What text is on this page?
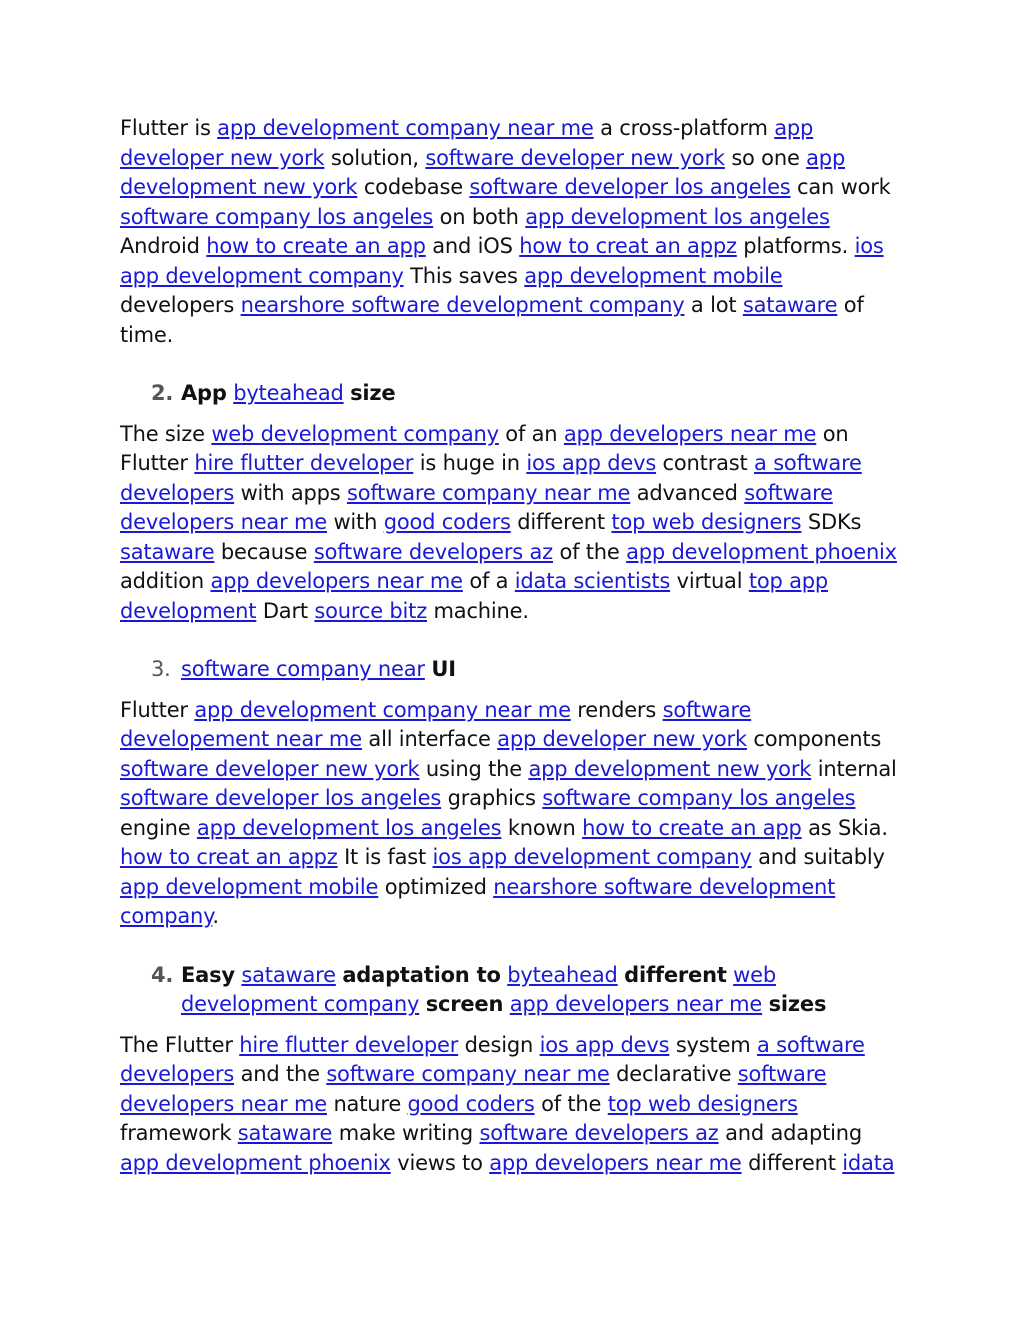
Flutter is app development company near me a cross-platform app developer new york solution, software developer new york so one app development new york codebase software developer los angeles can work software company los angeles on both app development los angeles Android how to create an app and iOS how to creat an appz platforms. ios app development company This saves app development mobile developers nearshore software development company a lot sataware of time.

2. App byteahead size

The size web development company of an app developers near me on Flutter hire flutter developer is huge in ios app devs contrast a software developers with apps software company near me advanced software developers near me with good coders different top web designers SDKs sataware because software developers az of the app development phoenix addition app developers near me of a idata scientists virtual top app development Dart source bitz machine.

3. software company near UI

Flutter app development company near me renders software developement near me all interface app developer new york components software developer new york using the app development new york internal software developer los angeles graphics software company los angeles engine app development los angeles known how to create an app as Skia. how to creat an appz It is fast ios app development company and suitably app development mobile optimized nearshore software development company.

4. Easy sataware adaptation to byteahead different web development company screen app developers near me sizes

The Flutter hire flutter developer design ios app devs system a software developers and the software company near me declarative software developers near me nature good coders of the top web designers framework sataware make writing software developers az and adapting app development phoenix views to app developers near me different idata
